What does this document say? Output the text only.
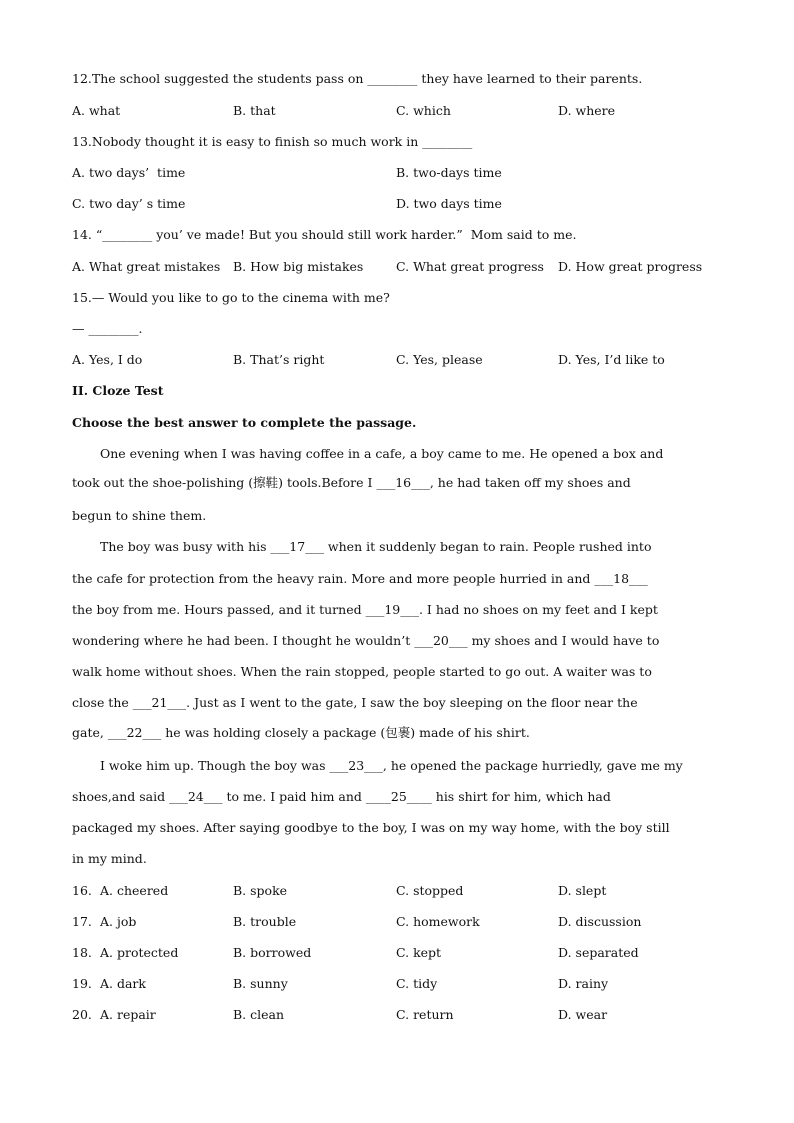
12.The school suggested the students pass on ________ they have learned to their parents.
A. what	B. that	C. which	D. where
13.Nobody thought it is easy to finish so much work in ________
A. two days’  time	B. two-days time
C. two day’ s time	D. two days time
14. “________ you’ ve made! But you should still work harder.”  Mom said to me.
A. What great mistakes B. How big mistakes	C. What great progress D. How great progress
15.— Would you like to go to the cinema with me?
— ________.
A. Yes, I do	B. That’s right	C. Yes, please	D. Yes, I’d like to
II. Cloze Test
Choose the best answer to complete the passage.
One evening when I was having coffee in a cafe, a boy came to me. He opened a box and
took out the shoe-polishing (擦鞋) tools.Before I ___16___, he had taken off my shoes and
begun to shine them.
The boy was busy with his ___17___ when it suddenly began to rain. People rushed into
the cafe for protection from the heavy rain. More and more people hurried in and ___18___
the boy from me. Hours passed, and it turned ___19___. I had no shoes on my feet and I kept
wondering where he had been. I thought he wouldn’t ___20___ my shoes and I would have to
walk home without shoes. When the rain stopped, people started to go out. A waiter was to
close the ___21___. Just as I went to the gate, I saw the boy sleeping on the floor near the
gate, ___22___ he was holding closely a package (包裹) made of his shirt.
I woke him up. Though the boy was ___23___, he opened the package hurriedly, gave me my
shoes,and said ___24___ to me. I paid him and ____25____ his shirt for him, which had
packaged my shoes. After saying goodbye to the boy, I was on my way home, with the boy still
in my mind.
16. A. cheered	B. spoke	C. stopped	D. slept
17. A. job	B. trouble	C. homework	D. discussion
18. A. protected	B. borrowed	C. kept	D. separated
19. A. dark	B. sunny	C. tidy	D. rainy
20. A. repair	B. clean	C. return	D. wear
